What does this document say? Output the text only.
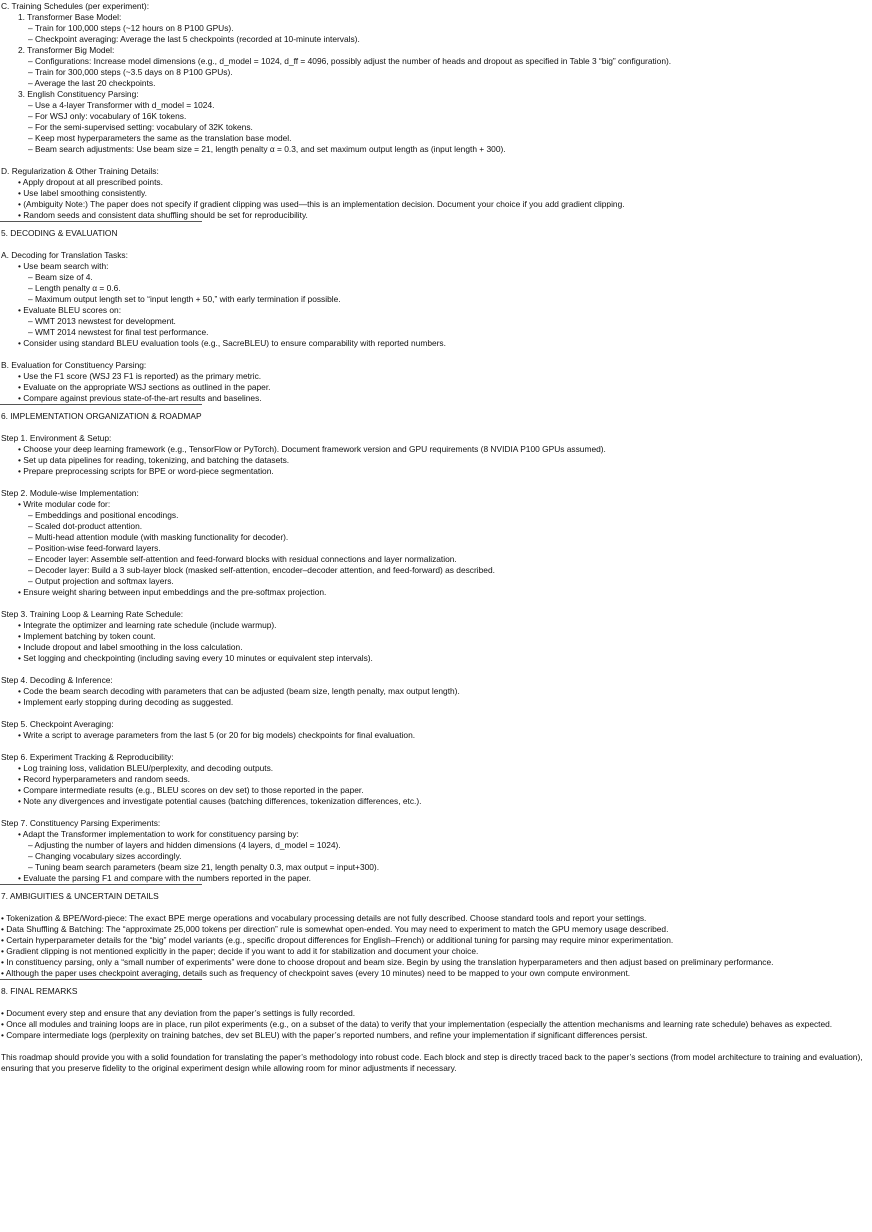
C. Training Schedules (per experiment):
1. Transformer Base Model:
– Train for 100,000 steps (~12 hours on 8 P100 GPUs).
– Checkpoint averaging: Average the last 5 checkpoints (recorded at 10-minute intervals).
2. Transformer Big Model:
– Configurations: Increase model dimensions (e.g., d_model = 1024, d_ff = 4096, possibly adjust the number of heads and dropout as specified in Table 3 “big” configuration).
– Train for 300,000 steps (~3.5 days on 8 P100 GPUs).
– Average the last 20 checkpoints.
3. English Constituency Parsing:
– Use a 4-layer Transformer with d_model = 1024.
– For WSJ only: vocabulary of 16K tokens.
– For the semi-supervised setting: vocabulary of 32K tokens.
– Keep most hyperparameters the same as the translation base model.
– Beam search adjustments: Use beam size = 21, length penalty α = 0.3, and set maximum output length as (input length + 300).
D. Regularization & Other Training Details:
• Apply dropout at all prescribed points.
• Use label smoothing consistently.
• (Ambiguity Note:) The paper does not specify if gradient clipping was used—this is an implementation decision. Document your choice if you add gradient clipping.
• Random seeds and consistent data shuffling should be set for reproducibility.
5. DECODING & EVALUATION
A. Decoding for Translation Tasks:
• Use beam search with:
– Beam size of 4.
– Length penalty α = 0.6.
– Maximum output length set to “input length + 50,” with early termination if possible.
• Evaluate BLEU scores on:
– WMT 2013 newstest for development.
– WMT 2014 newstest for final test performance.
• Consider using standard BLEU evaluation tools (e.g., SacreBLEU) to ensure comparability with reported numbers.
B. Evaluation for Constituency Parsing:
• Use the F1 score (WSJ 23 F1 is reported) as the primary metric.
• Evaluate on the appropriate WSJ sections as outlined in the paper.
• Compare against previous state-of-the-art results and baselines.
6. IMPLEMENTATION ORGANIZATION & ROADMAP
Step 1. Environment & Setup:
• Choose your deep learning framework (e.g., TensorFlow or PyTorch). Document framework version and GPU requirements (8 NVIDIA P100 GPUs assumed).
• Set up data pipelines for reading, tokenizing, and batching the datasets.
• Prepare preprocessing scripts for BPE or word-piece segmentation.
Step 2. Module-wise Implementation:
• Write modular code for:
– Embeddings and positional encodings.
– Scaled dot-product attention.
– Multi-head attention module (with masking functionality for decoder).
– Position-wise feed-forward layers.
– Encoder layer: Assemble self-attention and feed-forward blocks with residual connections and layer normalization.
– Decoder layer: Build a 3 sub-layer block (masked self-attention, encoder–decoder attention, and feed-forward) as described.
– Output projection and softmax layers.
• Ensure weight sharing between input embeddings and the pre-softmax projection.
Step 3. Training Loop & Learning Rate Schedule:
• Integrate the optimizer and learning rate schedule (include warmup).
• Implement batching by token count.
• Include dropout and label smoothing in the loss calculation.
• Set logging and checkpointing (including saving every 10 minutes or equivalent step intervals).
Step 4. Decoding & Inference:
• Code the beam search decoding with parameters that can be adjusted (beam size, length penalty, max output length).
• Implement early stopping during decoding as suggested.
Step 5. Checkpoint Averaging:
• Write a script to average parameters from the last 5 (or 20 for big models) checkpoints for final evaluation.
Step 6. Experiment Tracking & Reproducibility:
• Log training loss, validation BLEU/perplexity, and decoding outputs.
• Record hyperparameters and random seeds.
• Compare intermediate results (e.g., BLEU scores on dev set) to those reported in the paper.
• Note any divergences and investigate potential causes (batching differences, tokenization differences, etc.).
Step 7. Constituency Parsing Experiments:
• Adapt the Transformer implementation to work for constituency parsing by:
– Adjusting the number of layers and hidden dimensions (4 layers, d_model = 1024).
– Changing vocabulary sizes accordingly.
– Tuning beam search parameters (beam size 21, length penalty 0.3, max output = input+300).
• Evaluate the parsing F1 and compare with the numbers reported in the paper.
7. AMBIGUITIES & UNCERTAIN DETAILS
• Tokenization & BPE/Word-piece: The exact BPE merge operations and vocabulary processing details are not fully described. Choose standard tools and report your settings.
• Data Shuffling & Batching: The “approximate 25,000 tokens per direction” rule is somewhat open-ended. You may need to experiment to match the GPU memory usage described.
• Certain hyperparameter details for the “big” model variants (e.g., specific dropout differences for English–French) or additional tuning for parsing may require minor experimentation.
• Gradient clipping is not mentioned explicitly in the paper; decide if you want to add it for stabilization and document your choice.
• In constituency parsing, only a “small number of experiments” were done to choose dropout and beam size. Begin by using the translation hyperparameters and then adjust based on preliminary performance.
• Although the paper uses checkpoint averaging, details such as frequency of checkpoint saves (every 10 minutes) need to be mapped to your own compute environment.
8. FINAL REMARKS
• Document every step and ensure that any deviation from the paper’s settings is fully recorded.
• Once all modules and training loops are in place, run pilot experiments (e.g., on a subset of the data) to verify that your implementation (especially the attention mechanisms and learning rate schedule) behaves as expected.
• Compare intermediate logs (perplexity on training batches, dev set BLEU) with the paper’s reported numbers, and refine your implementation if significant differences persist.
This roadmap should provide you with a solid foundation for translating the paper’s methodology into robust code. Each block and step is directly traced back to the paper’s sections (from model architecture to training and evaluation), ensuring that you preserve fidelity to the original experiment design while allowing room for minor adjustments if necessary.
